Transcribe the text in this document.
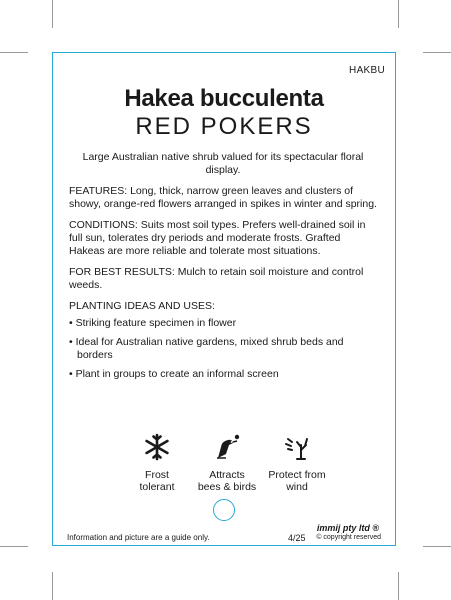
HAKBU
Hakea bucculenta
RED POKERS

Large Australian native shrub valued for its spectacular floral display.

FEATURES: Long, thick, narrow green leaves and clusters of showy, orange-red flowers arranged in spikes in winter and spring.

CONDITIONS: Suits most soil types. Prefers well-drained soil in full sun, tolerates dry periods and moderate frosts. Grafted Hakeas are more reliable and tolerate most situations.

FOR BEST RESULTS: Mulch to retain soil moisture and control weeds.

PLANTING IDEAS AND USES:

• Striking feature specimen in flower
• Ideal for Australian native gardens, mixed shrub beds and borders
• Plant in groups to create an informal screen
Frost
tolerant
Attracts
bees & birds
Protect from
wind
Information and picture are a guide only.
immij pty ltd ®
4/25 © copyright reserved
